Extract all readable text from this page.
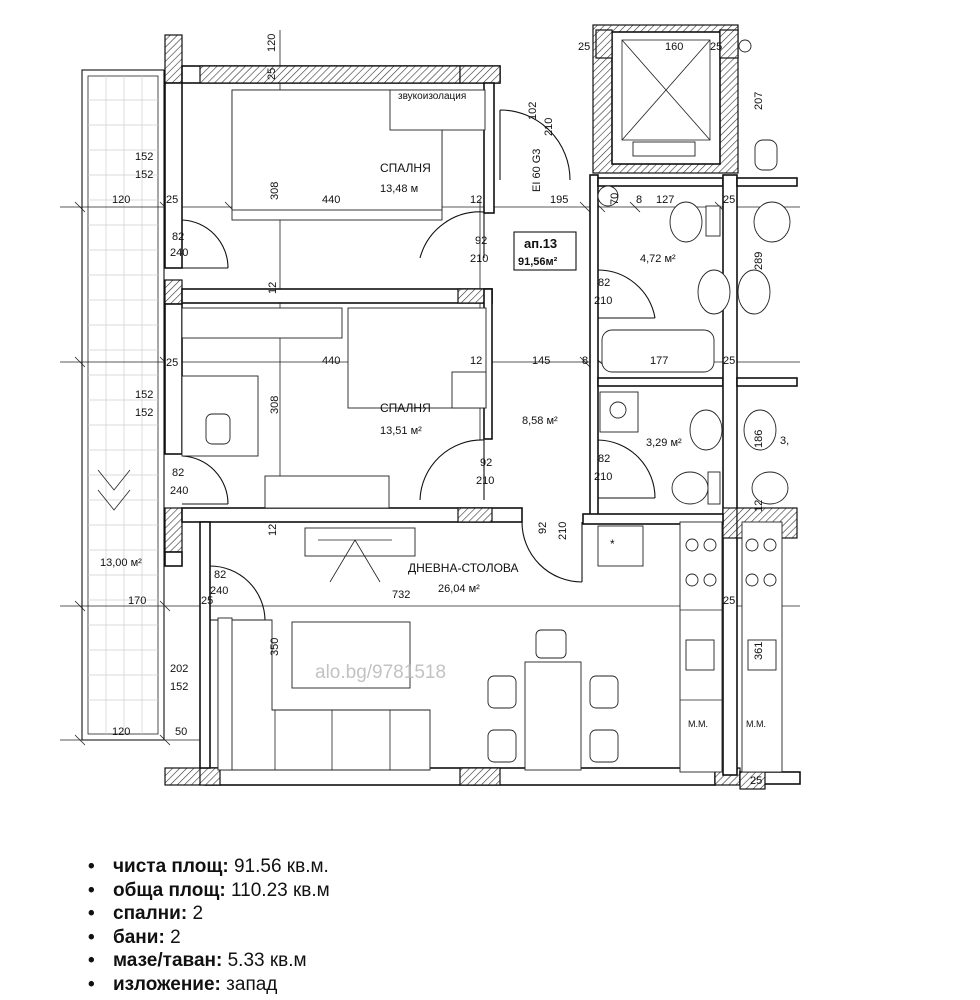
СПАЛНЯ
13,48 м
СПАЛНЯ
13,51 м²
ДНЕВНА-СТОЛОВА
26,04 м²
8,58 м²
4,72 м²
3,29 м²
13,00 м²
3,
ап.13
91,56м²
звукоизолация
EI 60 G3
М.М.	М.М.
*
alo.bg/9781518
120
25
25	160 25
102
210
207
152
152
308
120	25	440	12	195	70 8 127	25
82
240
92
210
82
210
289
12
25	440	12	145	8	177	25
152
152	308
82
240
92
210
82
210
186
12
12	92 210
82
240	732
170	25
350
25
361
202
152
120	50
25
• чиста площ: 91.56 кв.м.
• обща площ: 110.23 кв.м
• спални: 2
• бани: 2
• мазе/таван: 5.33 кв.м
• изложение: запад
